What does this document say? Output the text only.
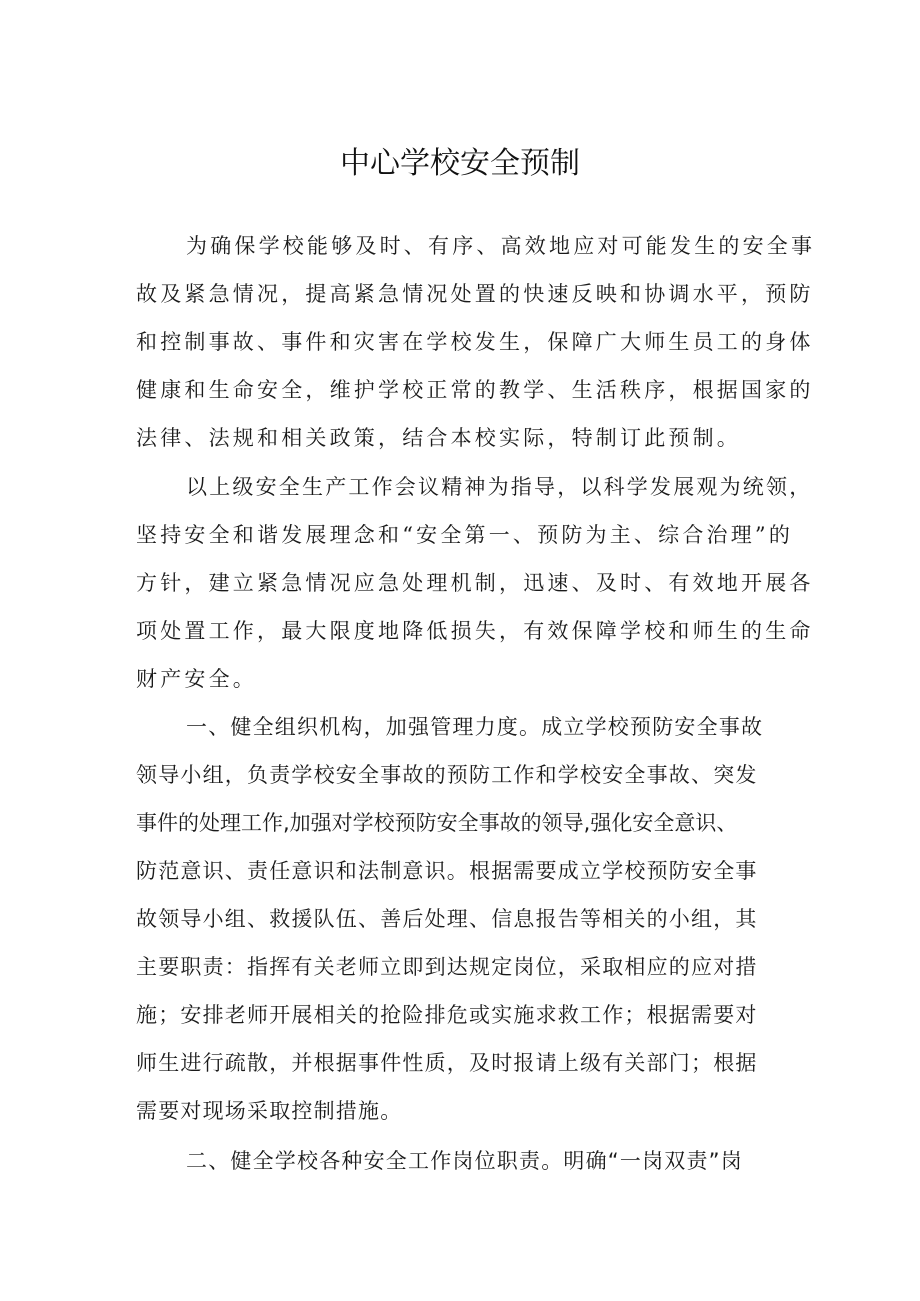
中心学校安全预制
为确保学校能够及时、有序、高效地应对可能发生的安全事
故及紧急情况，提高紧急情况处置的快速反映和协调水平，预防
和控制事故、事件和灾害在学校发生，保障广大师生员工的身体
健康和生命安全，维护学校正常的教学、生活秩序，根据国家的
法律、法规和相关政策，结合本校实际，特制订此预制。
以上级安全生产工作会议精神为指导，以科学发展观为统领，
坚持安全和谐发展理念和“安全第一、预防为主、综合治理”的
方针，建立紧急情况应急处理机制，迅速、及时、有效地开展各
项处置工作，最大限度地降低损失，有效保障学校和师生的生命
财产安全。
一、健全组织机构，加强管理力度。成立学校预防安全事故
领导小组，负责学校安全事故的预防工作和学校安全事故、突发
事件的处理工作,加强对学校预防安全事故的领导,强化安全意识、
防范意识、责任意识和法制意识。根据需要成立学校预防安全事
故领导小组、救援队伍、善后处理、信息报告等相关的小组，其
主要职责：指挥有关老师立即到达规定岗位，采取相应的应对措
施；安排老师开展相关的抢险排危或实施求救工作；根据需要对
师生进行疏散，并根据事件性质，及时报请上级有关部门；根据
需要对现场采取控制措施。
二、健全学校各种安全工作岗位职责。明确“一岗双责”岗
